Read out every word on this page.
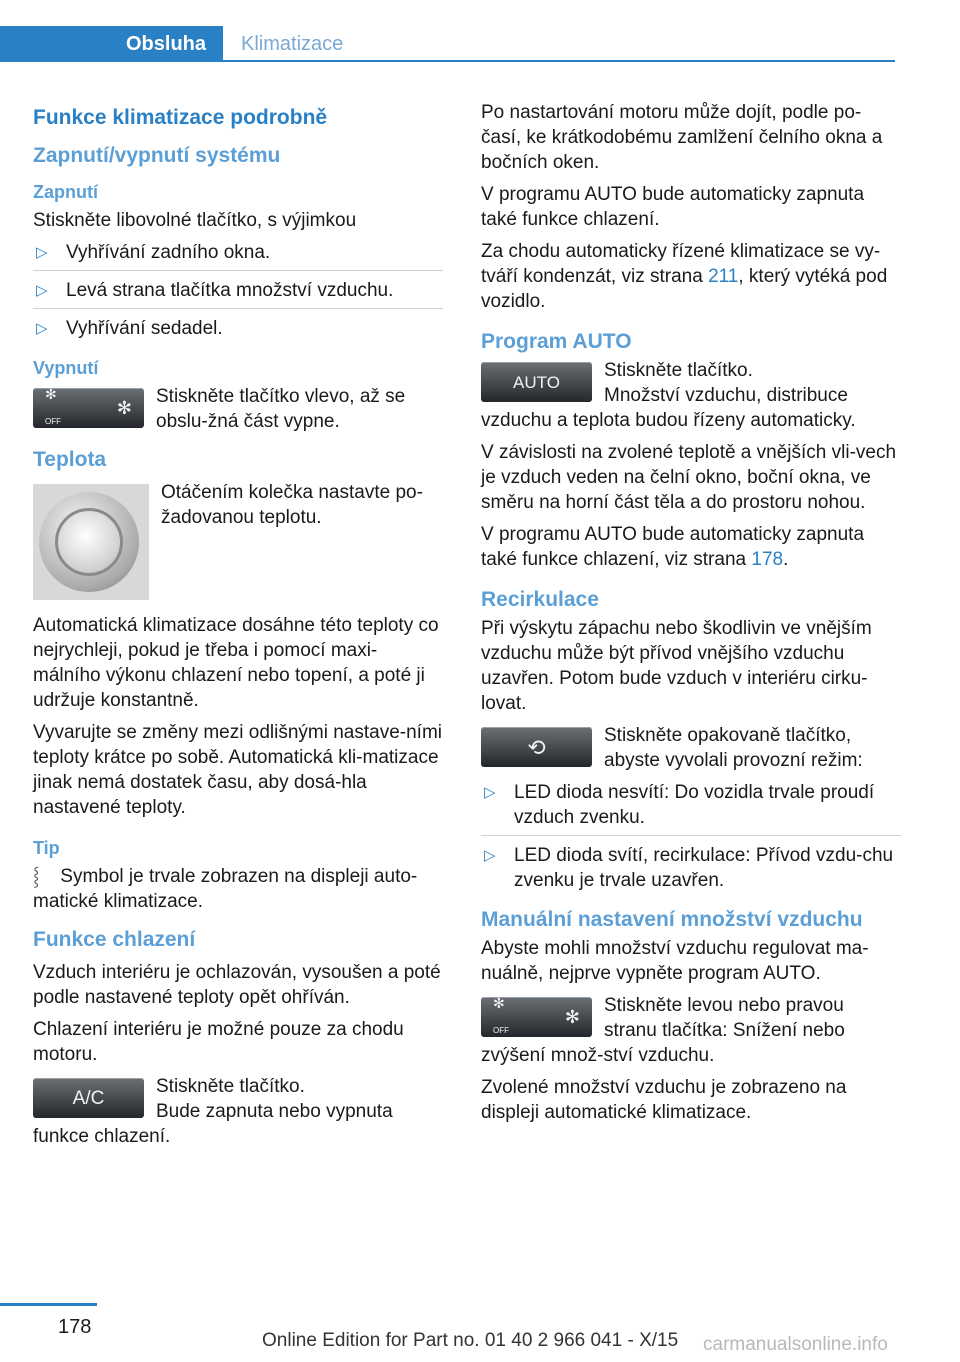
Obsluha	Klimatizace
Funkce klimatizace podrobně
Zapnutí/vypnutí systému
Zapnutí

Stiskněte libovolné tlačítko, s výjimkou

▷ Vyhřívání zadního okna.
▷ Levá strana tlačítka množství vzduchu.
▷ Vyhřívání sedadel.
Vypnutí
✻
OFF
✻
Stiskněte tlačítko vlevo, až se obslu‐žná část vypne.
Teplota
Otáčením kolečka nastavte po‐žadovanou teplotu.

Automatická klimatizace dosáhne této teploty co nejrychleji, pokud je třeba i pomocí maxi‐málního výkonu chlazení nebo topení, a poté ji udržuje konstantně.

Vyvarujte se změny mezi odlišnými nastave‐ními teploty krátce po sobě. Automatická kli‐matizace jinak nemá dostatek času, aby dosá‐hla nastavené teploty.

Tip

⸾ Symbol je trvale zobrazen na displeji auto‐matické klimatizace.

Funkce chlazení

Vzduch interiéru je ochlazován, vysoušen a poté podle nastavené teploty opět ohříván.

Chlazení interiéru je možné pouze za chodu motoru.

A/C
Stiskněte tlačítko.
Bude zapnuta nebo vypnuta funkce chlazení.

Po nastartování motoru může dojít, podle po‐časí, ke krátkodobému zamlžení čelního okna a bočních oken.

V programu AUTO bude automaticky zapnuta také funkce chlazení.

Za chodu automaticky řízené klimatizace se vy‐tváří kondenzát, viz strana 211, který vytéká pod vozidlo.

Program AUTO
AUTO
Stiskněte tlačítko.
Množství vzduchu, distribuce vzduchu a teplota budou řízeny automaticky.

V závislosti na zvolené teplotě a vnějších vli‐vech je vzduch veden na čelní okno, boční okna, ve směru na horní část těla a do prostoru nohou.

V programu AUTO bude automaticky zapnuta také funkce chlazení, viz strana 178.

Recirkulace

Při výskytu zápachu nebo škodlivin ve vnějším vzduchu může být přívod vnějšího vzduchu uzavřen. Potom bude vzduch v interiéru cirku‐lovat.

⟲	Stiskněte opakovaně tlačítko, abyste vyvolali provozní režim:
▷ LED dioda nesvítí: Do vozidla trvale proudí vzduch zvenku.
▷ LED dioda svítí, recirkulace: Přívod vzdu‐chu zvenku je trvale uzavřen.
Manuální nastavení množství vzduchu

Abyste mohli množství vzduchu regulovat ma‐nuálně, nejprve vypněte program AUTO.

✻
OFF
✻
Stiskněte levou nebo pravou stranu tlačítka: Snížení nebo zvýšení množ‐ství vzduchu.

Zvolené množství vzduchu je zobrazeno na displeji automatické klimatizace.

178
Online Edition for Part no. 01 40 2 966 041 - X/15 carmanualsonline.info
